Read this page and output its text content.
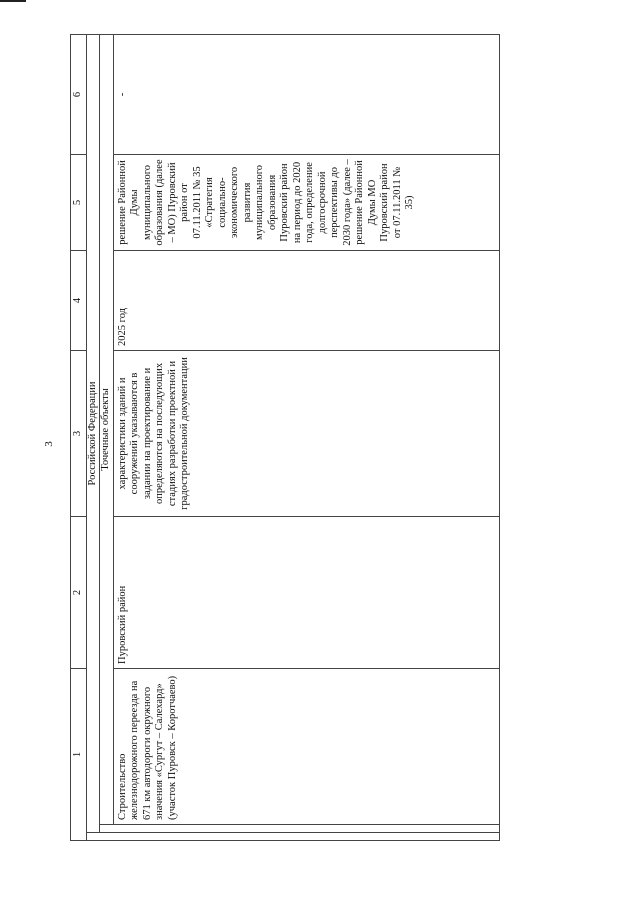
3
1			2	3	4	5	6
	Российской Федерации						
		Точечные объекты					
		Строительство железнодорожного переезда на 671 км автодороги окружного значения «Сургут – Салехард» (участок Пуровск – Коротчаево)	Пуровский район	характеристики зданий и сооружений указываются в задании на проектирование и определяются на последующих стадиях разработки проектной и градостроительной документации	2025 год	решение Районной Думы муниципального образования (далее – МО) Пуровский район от 07.11.2011 № 35 «Стратегия социально-экономического развития муниципального образования Пуровский район на период до 2020 года, определение долгосрочной перспективы до 2030 года» (далее – решение Районной Думы МО Пуровский район от 07.11.2011 № 35)	-
